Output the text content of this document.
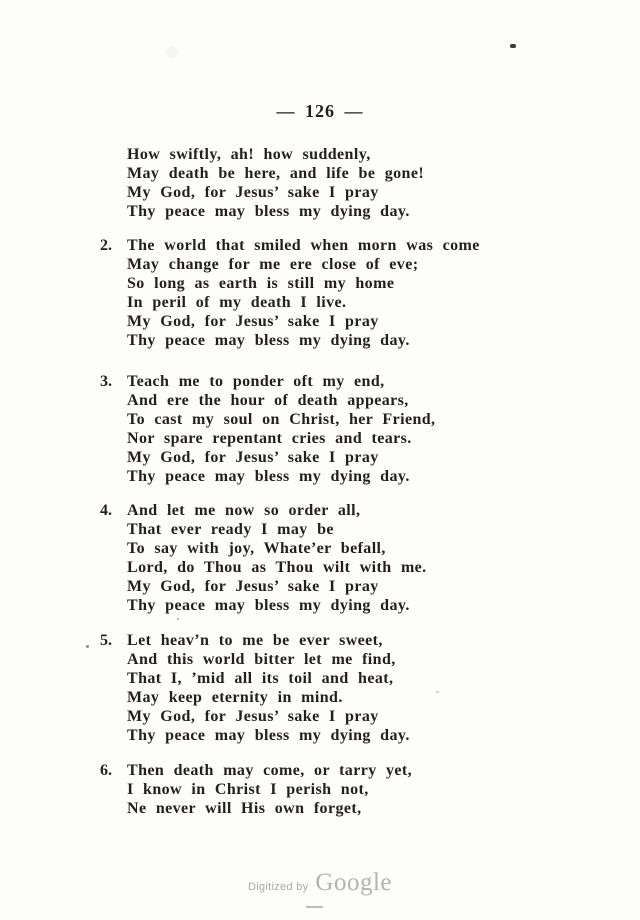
— 126 —
How swiftly, ah! how suddenly,
May death be here, and life be gone!
My God, for Jesus’ sake I pray
Thy peace may bless my dying day.
2. The world that smiled when morn was come
May change for me ere close of eve;
So long as earth is still my home
In peril of my death I live.
My God, for Jesus’ sake I pray
Thy peace may bless my dying day.
3. Teach me to ponder oft my end,
And ere the hour of death appears,
To cast my soul on Christ, her Friend,
Nor spare repentant cries and tears.
My God, for Jesus’ sake I pray
Thy peace may bless my dying day.
4. And let me now so order all,
That ever ready I may be
To say with joy, Whate’er befall,
Lord, do Thou as Thou wilt with me.
My God, for Jesus’ sake I pray
Thy peace may bless my dying day.
5. Let heav’n to me be ever sweet,
And this world bitter let me find,
That I, ’mid all its toil and heat,
May keep eternity in mind.
My God, for Jesus’ sake I pray
Thy peace may bless my dying day.
6. Then death may come, or tarry yet,
I know in Christ I perish not,
Ne never will His own forget,
Digitized by Google
